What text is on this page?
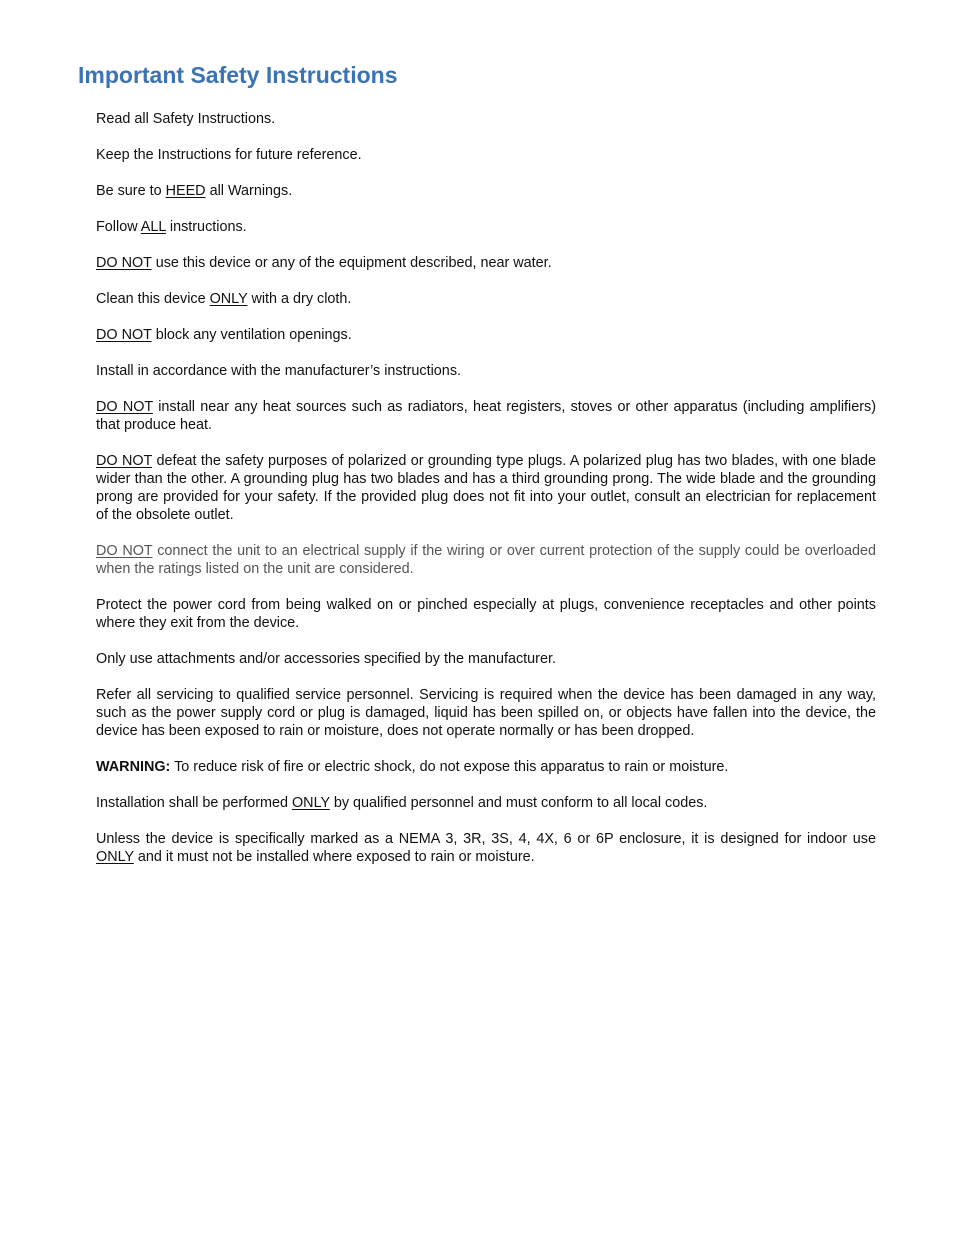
Important Safety Instructions

Read all Safety Instructions.

Keep the Instructions for future reference.

Be sure to HEED all Warnings.

Follow ALL instructions.

DO NOT use this device or any of the equipment described, near water.

Clean this device ONLY with a dry cloth.

DO NOT block any ventilation openings.

Install in accordance with the manufacturer’s instructions.

DO NOT install near any heat sources such as radiators, heat registers, stoves or other apparatus (including amplifiers) that produce heat.

DO NOT defeat the safety purposes of polarized or grounding type plugs. A polarized plug has two blades, with one blade wider than the other. A grounding plug has two blades and has a third grounding prong. The wide blade and the grounding prong are provided for your safety. If the provided plug does not fit into your outlet, consult an electrician for replacement of the obsolete outlet.

DO NOT connect the unit to an electrical supply if the wiring or over current protection of the supply could be overloaded when the ratings listed on the unit are considered.

Protect the power cord from being walked on or pinched especially at plugs, convenience receptacles and other points where they exit from the device.

Only use attachments and/or accessories specified by the manufacturer.

Refer all servicing to qualified service personnel. Servicing is required when the device has been damaged in any way, such as the power supply cord or plug is damaged, liquid has been spilled on, or objects have fallen into the device, the device has been exposed to rain or moisture, does not operate normally or has been dropped.

WARNING: To reduce risk of fire or electric shock, do not expose this apparatus to rain or moisture.

Installation shall be performed ONLY by qualified personnel and must conform to all local codes.

Unless the device is specifically marked as a NEMA 3, 3R, 3S, 4, 4X, 6 or 6P enclosure, it is designed for indoor use ONLY and it must not be installed where exposed to rain or moisture.
